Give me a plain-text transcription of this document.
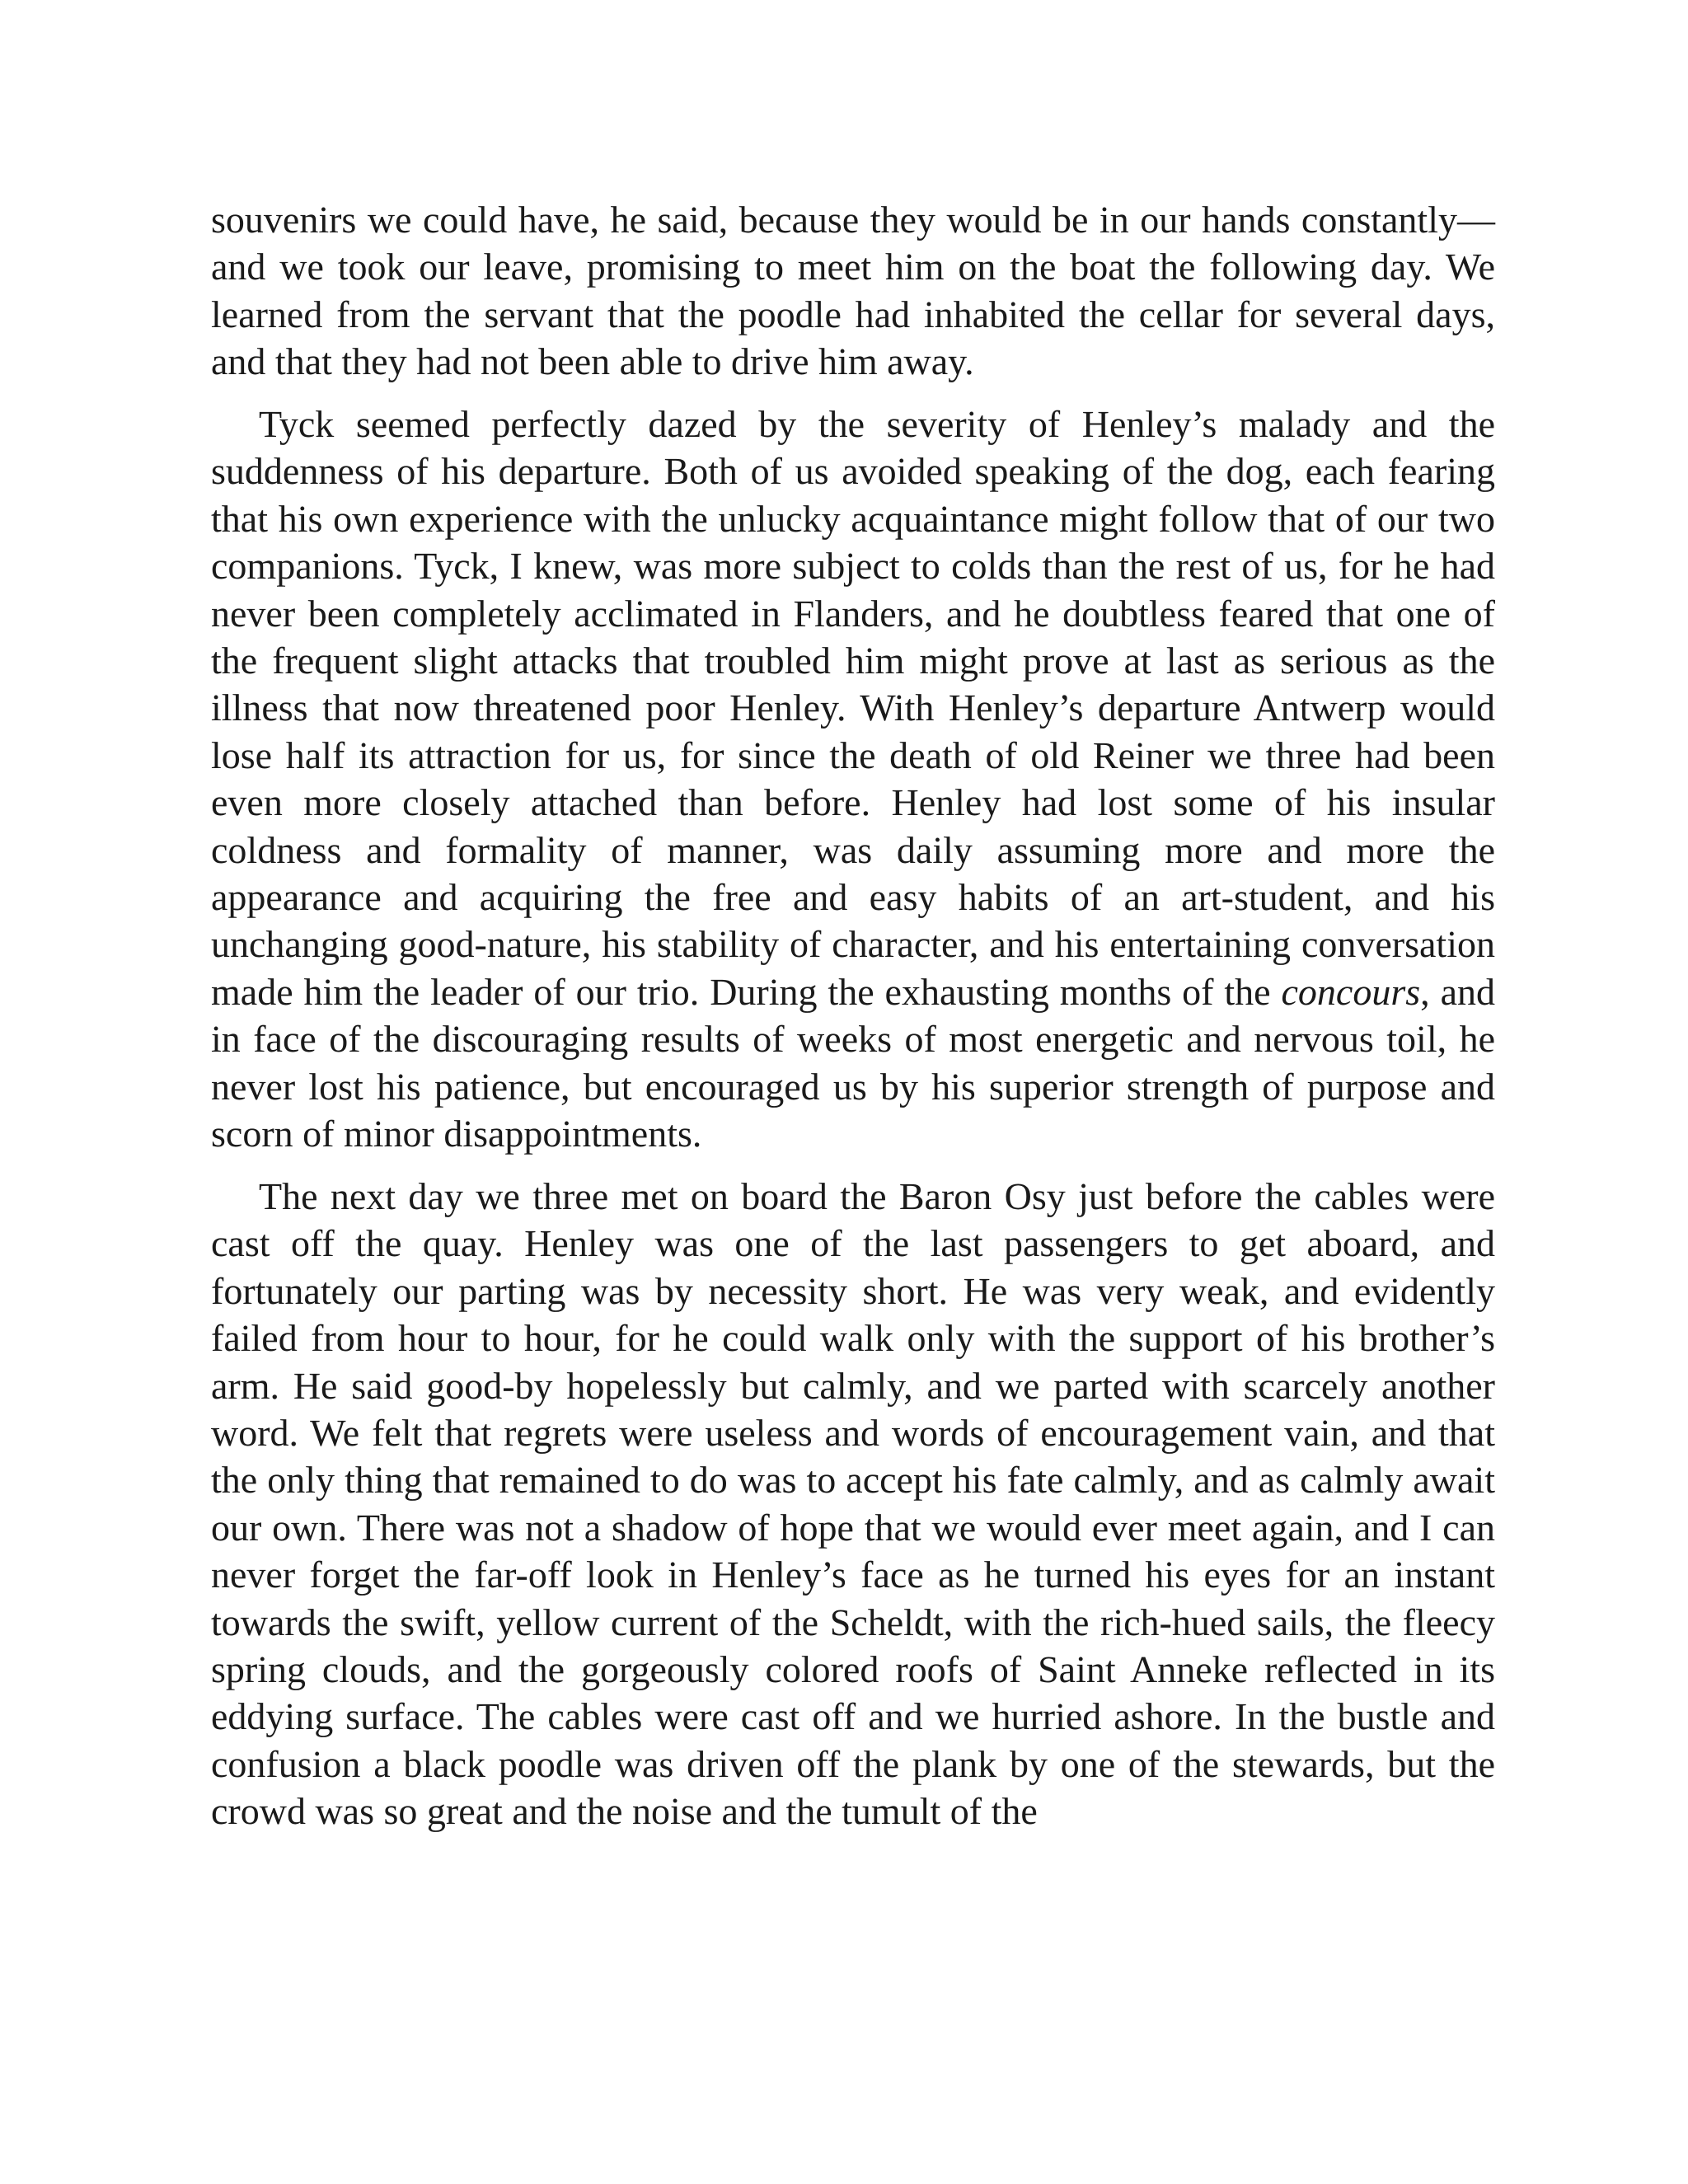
souvenirs we could have, he said, because they would be in our hands constantly—and we took our leave, promising to meet him on the boat the following day. We learned from the servant that the poodle had inhabited the cellar for several days, and that they had not been able to drive him away.

Tyck seemed perfectly dazed by the severity of Henley’s malady and the suddenness of his departure. Both of us avoided speaking of the dog, each fearing that his own experience with the unlucky acquaintance might follow that of our two companions. Tyck, I knew, was more subject to colds than the rest of us, for he had never been completely acclimated in Flanders, and he doubtless feared that one of the frequent slight attacks that troubled him might prove at last as serious as the illness that now threatened poor Henley. With Henley’s departure Antwerp would lose half its attraction for us, for since the death of old Reiner we three had been even more closely attached than before. Henley had lost some of his insular coldness and formality of manner, was daily assuming more and more the appearance and acquiring the free and easy habits of an art-student, and his unchanging good-nature, his stability of character, and his entertaining conversation made him the leader of our trio. During the exhausting months of the concours, and in face of the discouraging results of weeks of most energetic and nervous toil, he never lost his patience, but encouraged us by his superior strength of purpose and scorn of minor disappointments.

The next day we three met on board the Baron Osy just before the cables were cast off the quay. Henley was one of the last passengers to get aboard, and fortunately our parting was by necessity short. He was very weak, and evidently failed from hour to hour, for he could walk only with the support of his brother’s arm. He said good-by hopelessly but calmly, and we parted with scarcely another word. We felt that regrets were useless and words of encouragement vain, and that the only thing that remained to do was to accept his fate calmly, and as calmly await our own. There was not a shadow of hope that we would ever meet again, and I can never forget the far-off look in Henley’s face as he turned his eyes for an instant towards the swift, yellow current of the Scheldt, with the rich-hued sails, the fleecy spring clouds, and the gorgeously colored roofs of Saint Anneke reflected in its eddying surface. The cables were cast off and we hurried ashore. In the bustle and confusion a black poodle was driven off the plank by one of the stewards, but the crowd was so great and the noise and the tumult of the
